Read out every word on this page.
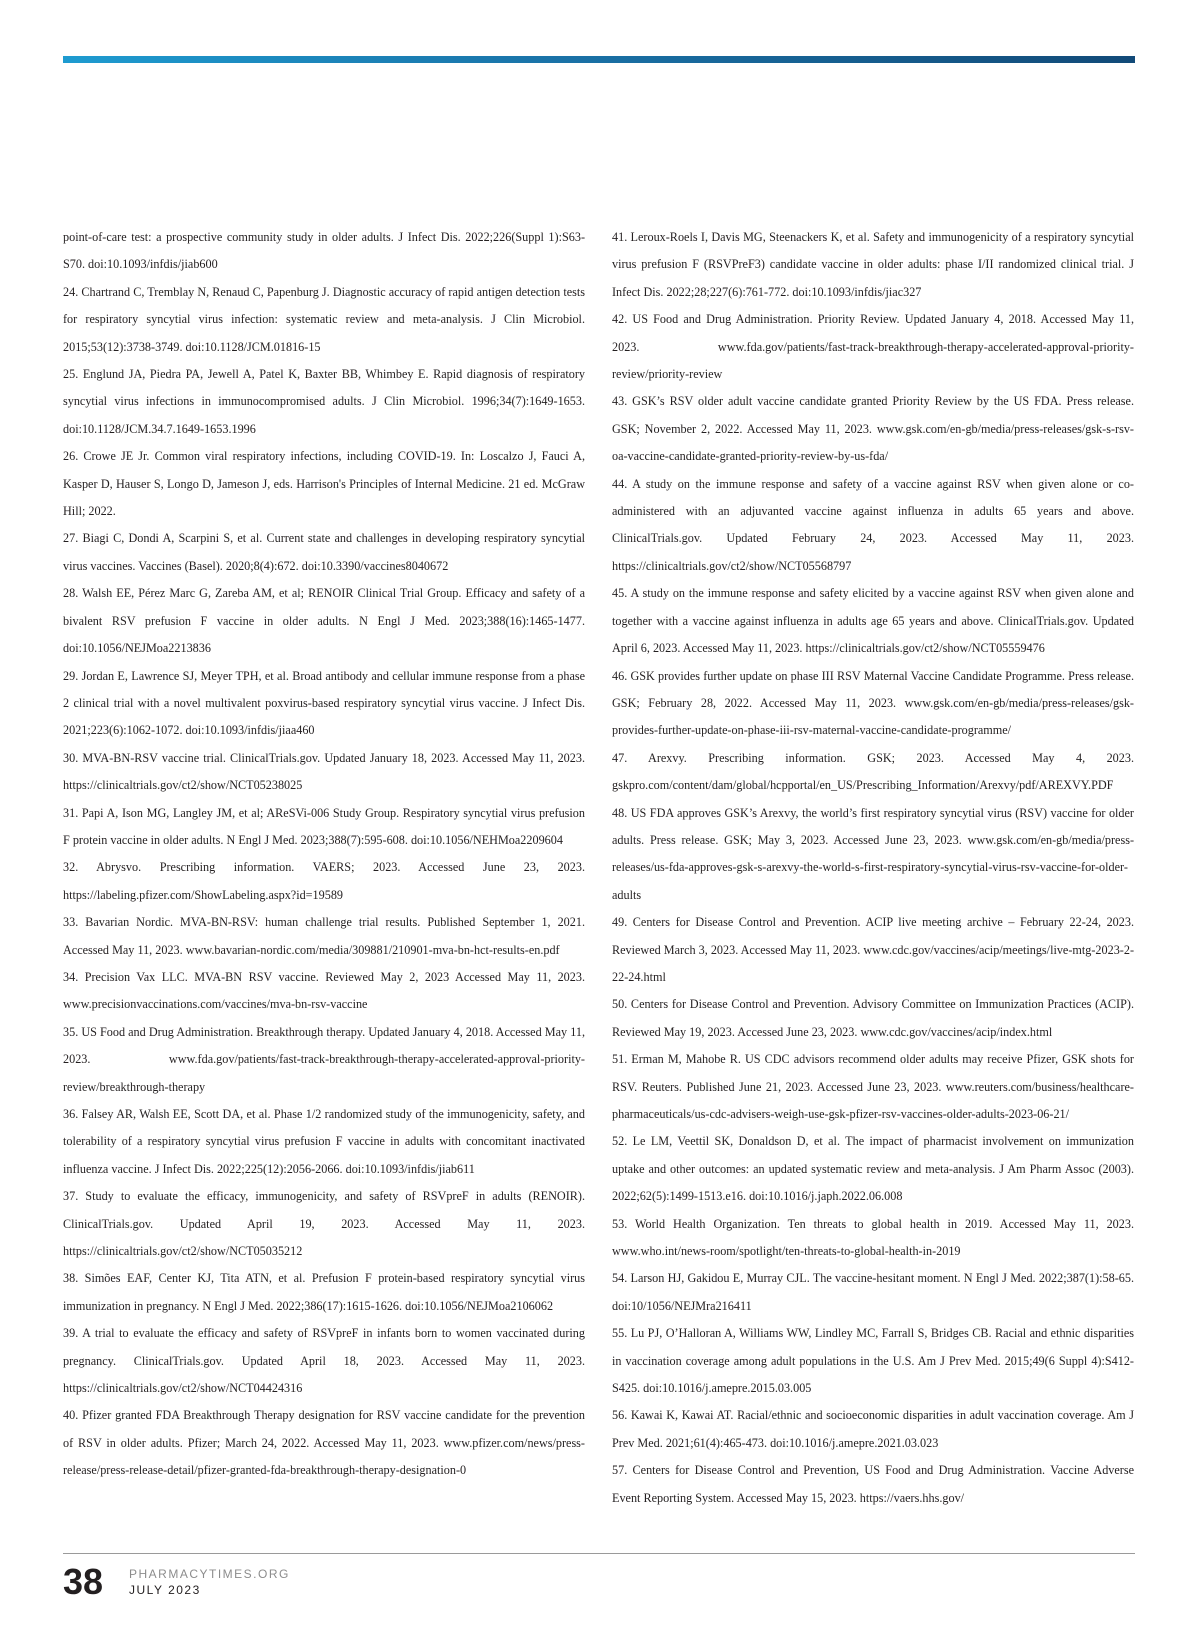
point-of-care test: a prospective community study in older adults. J Infect Dis. 2022;226(Suppl 1):S63-S70. doi:10.1093/infdis/jiab600

24. Chartrand C, Tremblay N, Renaud C, Papenburg J. Diagnostic accuracy of rapid antigen detection tests for respiratory syncytial virus infection: systematic review and meta-analysis. J Clin Microbiol. 2015;53(12):3738-3749. doi:10.1128/JCM.01816-15

25. Englund JA, Piedra PA, Jewell A, Patel K, Baxter BB, Whimbey E. Rapid diagnosis of respiratory syncytial virus infections in immunocompromised adults. J Clin Microbiol. 1996;34(7):1649-1653. doi:10.1128/JCM.34.7.1649-1653.1996

26. Crowe JE Jr. Common viral respiratory infections, including COVID-19. In: Loscalzo J, Fauci A, Kasper D, Hauser S, Longo D, Jameson J, eds. Harrison's Principles of Internal Medicine. 21 ed. McGraw Hill; 2022.

27. Biagi C, Dondi A, Scarpini S, et al. Current state and challenges in developing respiratory syncytial virus vaccines. Vaccines (Basel). 2020;8(4):672. doi:10.3390/vaccines8040672

28. Walsh EE, Pérez Marc G, Zareba AM, et al; RENOIR Clinical Trial Group. Efficacy and safety of a bivalent RSV prefusion F vaccine in older adults. N Engl J Med. 2023;388(16):1465-1477. doi:10.1056/NEJMoa2213836

29. Jordan E, Lawrence SJ, Meyer TPH, et al. Broad antibody and cellular immune response from a phase 2 clinical trial with a novel multivalent poxvirus-based respiratory syncytial virus vaccine. J Infect Dis. 2021;223(6):1062-1072. doi:10.1093/infdis/jiaa460

30. MVA-BN-RSV vaccine trial. ClinicalTrials.gov. Updated January 18, 2023. Accessed May 11, 2023. https://clinicaltrials.gov/ct2/show/NCT05238025

31. Papi A, Ison MG, Langley JM, et al; AReSVi-006 Study Group. Respiratory syncytial virus prefusion F protein vaccine in older adults. N Engl J Med. 2023;388(7):595-608. doi:10.1056/NEHMoa2209604

32. Abrysvo. Prescribing information. VAERS; 2023. Accessed June 23, 2023. https://labeling.pfizer.com/ShowLabeling.aspx?id=19589

33. Bavarian Nordic. MVA-BN-RSV: human challenge trial results. Published September 1, 2021. Accessed May 11, 2023. www.bavarian-nordic.com/media/309881/210901-mva-bn-hct-results-en.pdf

34. Precision Vax LLC. MVA-BN RSV vaccine. Reviewed May 2, 2023 Accessed May 11, 2023. www.precisionvaccinations.com/vaccines/mva-bn-rsv-vaccine

35. US Food and Drug Administration. Breakthrough therapy. Updated January 4, 2018. Accessed May 11, 2023. www.fda.gov/patients/fast-track-breakthrough-therapy-accelerated-approval-priority-review/breakthrough-therapy

36. Falsey AR, Walsh EE, Scott DA, et al. Phase 1/2 randomized study of the immunogenicity, safety, and tolerability of a respiratory syncytial virus prefusion F vaccine in adults with concomitant inactivated influenza vaccine. J Infect Dis. 2022;225(12):2056-2066. doi:10.1093/infdis/jiab611

37. Study to evaluate the efficacy, immunogenicity, and safety of RSVpreF in adults (RENOIR). ClinicalTrials.gov. Updated April 19, 2023. Accessed May 11, 2023. https://clinicaltrials.gov/ct2/show/NCT05035212

38. Simões EAF, Center KJ, Tita ATN, et al. Prefusion F protein-based respiratory syncytial virus immunization in pregnancy. N Engl J Med. 2022;386(17):1615-1626. doi:10.1056/NEJMoa2106062

39. A trial to evaluate the efficacy and safety of RSVpreF in infants born to women vaccinated during pregnancy. ClinicalTrials.gov. Updated April 18, 2023. Accessed May 11, 2023. https://clinicaltrials.gov/ct2/show/NCT04424316

40. Pfizer granted FDA Breakthrough Therapy designation for RSV vaccine candidate for the prevention of RSV in older adults. Pfizer; March 24, 2022. Accessed May 11, 2023. www.pfizer.com/news/press-release/press-release-detail/pfizer-granted-fda-breakthrough-therapy-designation-0

41. Leroux-Roels I, Davis MG, Steenackers K, et al. Safety and immunogenicity of a respiratory syncytial virus prefusion F (RSVPreF3) candidate vaccine in older adults: phase I/II randomized clinical trial. J Infect Dis. 2022;28;227(6):761-772. doi:10.1093/infdis/jiac327

42. US Food and Drug Administration. Priority Review. Updated January 4, 2018. Accessed May 11, 2023. www.fda.gov/patients/fast-track-breakthrough-therapy-accelerated-approval-priority-review/priority-review

43. GSK’s RSV older adult vaccine candidate granted Priority Review by the US FDA. Press release. GSK; November 2, 2022. Accessed May 11, 2023. www.gsk.com/en-gb/media/press-releases/gsk-s-rsv-oa-vaccine-candidate-granted-priority-review-by-us-fda/

44. A study on the immune response and safety of a vaccine against RSV when given alone or co-administered with an adjuvanted vaccine against influenza in adults 65 years and above. ClinicalTrials.gov. Updated February 24, 2023. Accessed May 11, 2023. https://clinicaltrials.gov/ct2/show/NCT05568797

45. A study on the immune response and safety elicited by a vaccine against RSV when given alone and together with a vaccine against influenza in adults age 65 years and above. ClinicalTrials.gov. Updated April 6, 2023. Accessed May 11, 2023. https://clinicaltrials.gov/ct2/show/NCT05559476

46. GSK provides further update on phase III RSV Maternal Vaccine Candidate Programme. Press release. GSK; February 28, 2022. Accessed May 11, 2023. www.gsk.com/en-gb/media/press-releases/gsk-provides-further-update-on-phase-iii-rsv-maternal-vaccine-candidate-programme/

47. Arexvy. Prescribing information. GSK; 2023. Accessed May 4, 2023. gskpro.com/content/dam/global/hcpportal/en_US/Prescribing_Information/Arexvy/pdf/AREXVY.PDF

48. US FDA approves GSK’s Arexvy, the world’s first respiratory syncytial virus (RSV) vaccine for older adults. Press release. GSK; May 3, 2023. Accessed June 23, 2023. www.gsk.com/en-gb/media/press-releases/us-fda-approves-gsk-s-arexvy-the-world-s-first-respiratory-syncytial-virus-rsv-vaccine-for-older-adults

49. Centers for Disease Control and Prevention. ACIP live meeting archive – February 22-24, 2023. Reviewed March 3, 2023. Accessed May 11, 2023. www.cdc.gov/vaccines/acip/meetings/live-mtg-2023-2-22-24.html

50. Centers for Disease Control and Prevention. Advisory Committee on Immunization Practices (ACIP). Reviewed May 19, 2023. Accessed June 23, 2023. www.cdc.gov/vaccines/acip/index.html

51. Erman M, Mahobe R. US CDC advisors recommend older adults may receive Pfizer, GSK shots for RSV. Reuters. Published June 21, 2023. Accessed June 23, 2023. www.reuters.com/business/healthcare-pharmaceuticals/us-cdc-advisers-weigh-use-gsk-pfizer-rsv-vaccines-older-adults-2023-06-21/

52. Le LM, Veettil SK, Donaldson D, et al. The impact of pharmacist involvement on immunization uptake and other outcomes: an updated systematic review and meta-analysis. J Am Pharm Assoc (2003). 2022;62(5):1499-1513.e16. doi:10.1016/j.japh.2022.06.008

53. World Health Organization. Ten threats to global health in 2019. Accessed May 11, 2023. www.who.int/news-room/spotlight/ten-threats-to-global-health-in-2019

54. Larson HJ, Gakidou E, Murray CJL. The vaccine-hesitant moment. N Engl J Med. 2022;387(1):58-65. doi:10/1056/NEJMra216411

55. Lu PJ, O’Halloran A, Williams WW, Lindley MC, Farrall S, Bridges CB. Racial and ethnic disparities in vaccination coverage among adult populations in the U.S. Am J Prev Med. 2015;49(6 Suppl 4):S412-S425. doi:10.1016/j.amepre.2015.03.005

56. Kawai K, Kawai AT. Racial/ethnic and socioeconomic disparities in adult vaccination coverage. Am J Prev Med. 2021;61(4):465-473. doi:10.1016/j.amepre.2021.03.023

57. Centers for Disease Control and Prevention, US Food and Drug Administration. Vaccine Adverse Event Reporting System. Accessed May 15, 2023. https://vaers.hhs.gov/

38 PHARMACYTIMES.ORG
JULY 2023
